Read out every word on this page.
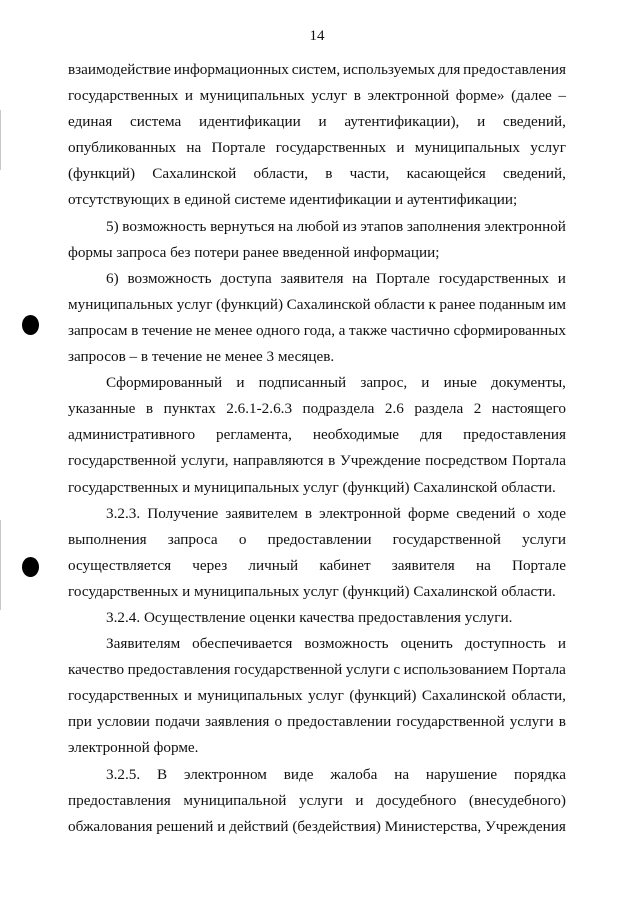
14
взаимодействие информационных систем, используемых для предоставления
государственных и муниципальных услуг в электронной форме» (далее –
единая система идентификации и аутентификации), и сведений,
опубликованных на Портале государственных и муниципальных услуг
(функций) Сахалинской области, в части, касающейся сведений,
отсутствующих в единой системе идентификации и аутентификации;
5) возможность вернуться на любой из этапов заполнения электронной
формы запроса без потери ранее введенной информации;
6) возможность доступа заявителя на Портале государственных и
муниципальных услуг (функций) Сахалинской области к ранее поданным им
запросам в течение не менее одного года, а также частично сформированных
запросов – в течение не менее 3 месяцев.
Сформированный и подписанный запрос, и иные документы,
указанные в пунктах 2.6.1-2.6.3 подраздела 2.6 раздела 2 настоящего
административного регламента, необходимые для предоставления
государственной услуги, направляются в Учреждение посредством Портала
государственных и муниципальных услуг (функций) Сахалинской области.
3.2.3. Получение заявителем в электронной форме сведений о ходе
выполнения запроса о предоставлении государственной услуги
осуществляется через личный кабинет заявителя на Портале
государственных и муниципальных услуг (функций) Сахалинской области.
3.2.4. Осуществление оценки качества предоставления услуги.
Заявителям обеспечивается возможность оценить доступность и
качество предоставления государственной услуги с использованием Портала
государственных и муниципальных услуг (функций) Сахалинской области,
при условии подачи заявления о предоставлении государственной услуги в
электронной форме.
3.2.5. В электронном виде жалоба на нарушение порядка
предоставления муниципальной услуги и досудебного (внесудебного)
обжалования решений и действий (бездействия) Министерства, Учреждения
